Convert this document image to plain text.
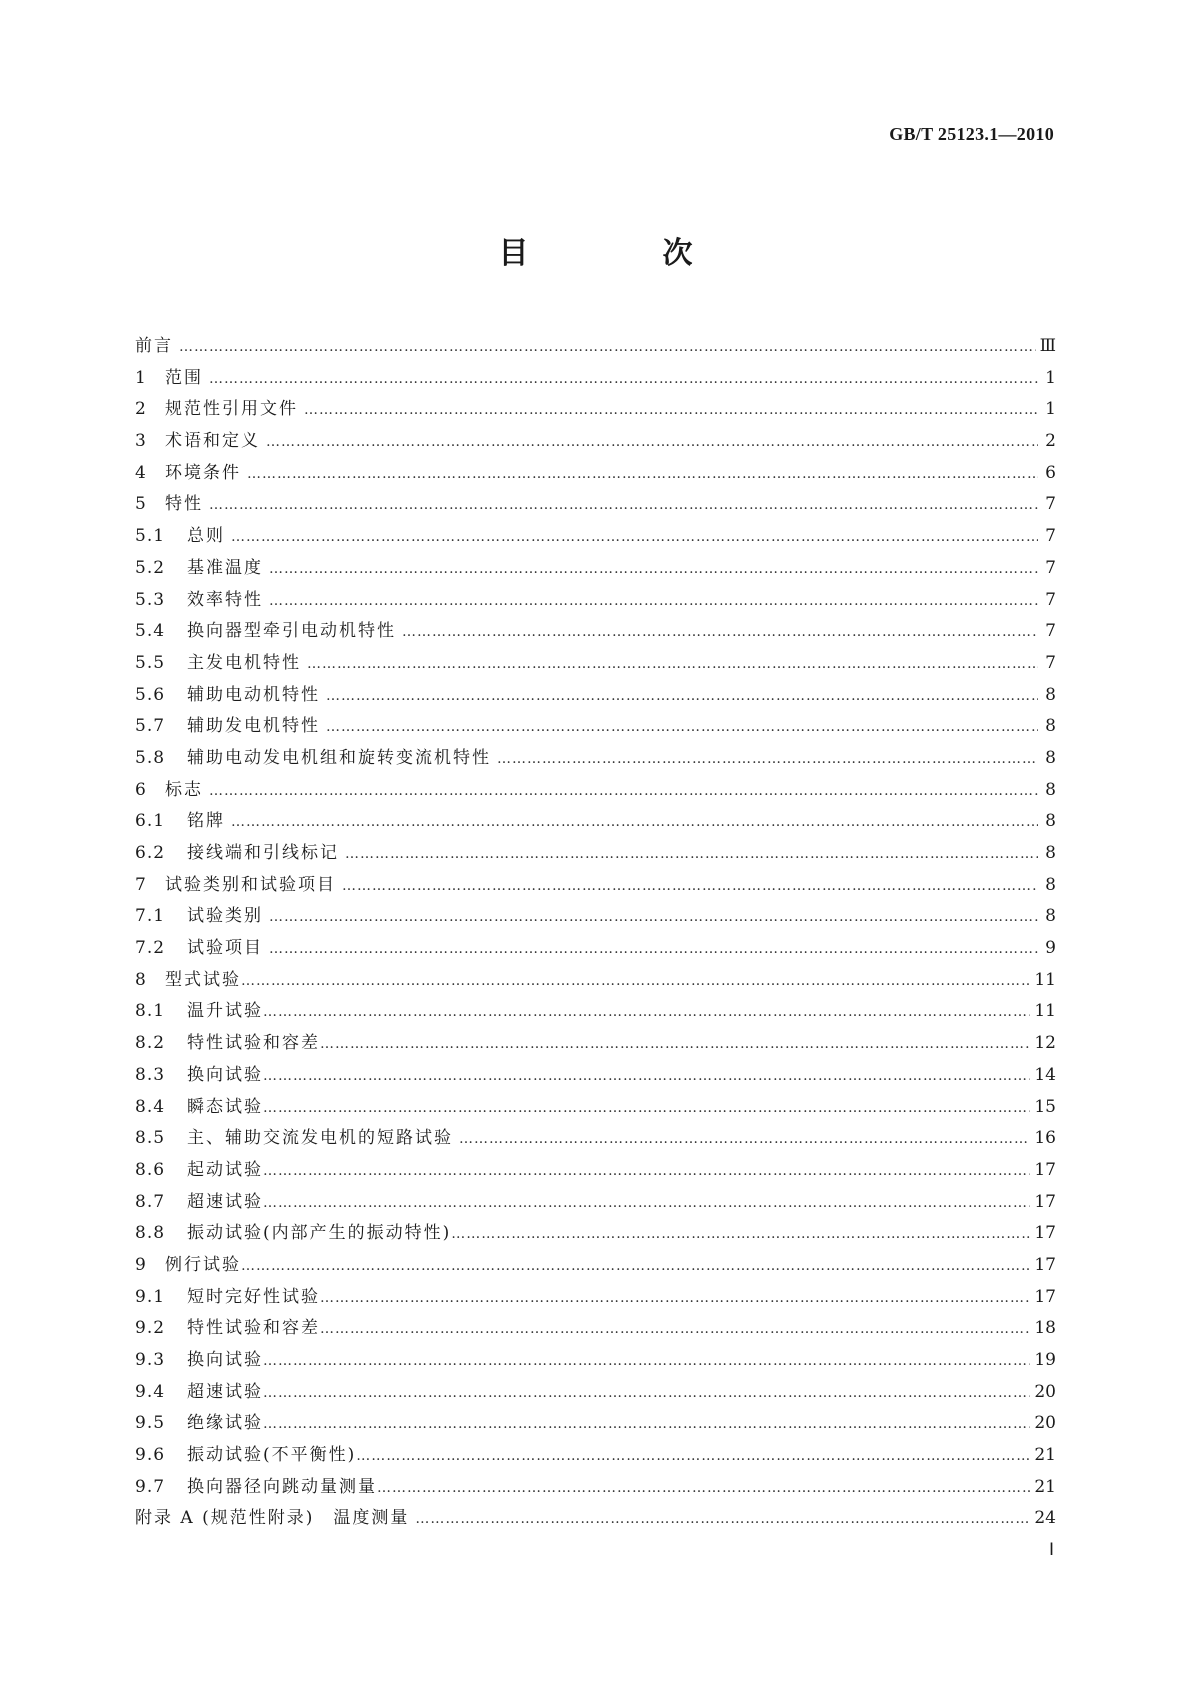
GB/T 25123.1—2010
目　次
前言 …………………………………………………………………………………………………………………………………………………………………………………………………………………………………………	Ⅲ
1	范围 …………………………………………………………………………………………………………………………………………………………………………………………………………………………………………	1
2	规范性引用文件 …………………………………………………………………………………………………………………………………………………………………………………………………………………………………………	1
3	术语和定义 …………………………………………………………………………………………………………………………………………………………………………………………………………………………………………	2
4	环境条件 …………………………………………………………………………………………………………………………………………………………………………………………………………………………………………	6
5	特性 …………………………………………………………………………………………………………………………………………………………………………………………………………………………………………	7
5.1	总则 …………………………………………………………………………………………………………………………………………………………………………………………………………………………………………	7
5.2	基准温度 …………………………………………………………………………………………………………………………………………………………………………………………………………………………………………	7
5.3	效率特性 …………………………………………………………………………………………………………………………………………………………………………………………………………………………………………	7
5.4	换向器型牵引电动机特性 …………………………………………………………………………………………………………………………………………………………………………………………………………………………………………	7
5.5	主发电机特性 …………………………………………………………………………………………………………………………………………………………………………………………………………………………………………	7
5.6	辅助电动机特性 …………………………………………………………………………………………………………………………………………………………………………………………………………………………………………	8
5.7	辅助发电机特性 …………………………………………………………………………………………………………………………………………………………………………………………………………………………………………	8
5.8	辅助电动发电机组和旋转变流机特性 …………………………………………………………………………………………………………………………………………………………………………………………………………………………………………	8
6	标志 …………………………………………………………………………………………………………………………………………………………………………………………………………………………………………	8
6.1	铭牌 …………………………………………………………………………………………………………………………………………………………………………………………………………………………………………	8
6.2	接线端和引线标记 …………………………………………………………………………………………………………………………………………………………………………………………………………………………………………	8
7	试验类别和试验项目 …………………………………………………………………………………………………………………………………………………………………………………………………………………………………………	8
7.1	试验类别 …………………………………………………………………………………………………………………………………………………………………………………………………………………………………………	8
7.2	试验项目 …………………………………………………………………………………………………………………………………………………………………………………………………………………………………………	9
8	型式试验 …………………………………………………………………………………………………………………………………………………………………………………………………………………………………………	11
8.1	温升试验 …………………………………………………………………………………………………………………………………………………………………………………………………………………………………………	11
8.2	特性试验和容差 …………………………………………………………………………………………………………………………………………………………………………………………………………………………………………	12
8.3	换向试验 …………………………………………………………………………………………………………………………………………………………………………………………………………………………………………	14
8.4	瞬态试验 …………………………………………………………………………………………………………………………………………………………………………………………………………………………………………	15
8.5	主、辅助交流发电机的短路试验 …………………………………………………………………………………………………………………………………………………………………………………………………………………………………………	16
8.6	起动试验 …………………………………………………………………………………………………………………………………………………………………………………………………………………………………………	17
8.7	超速试验 …………………………………………………………………………………………………………………………………………………………………………………………………………………………………………	17
8.8	振动试验(内部产生的振动特性) …………………………………………………………………………………………………………………………………………………………………………………………………………………………………………	17
9	例行试验 …………………………………………………………………………………………………………………………………………………………………………………………………………………………………………	17
9.1	短时完好性试验 …………………………………………………………………………………………………………………………………………………………………………………………………………………………………………	17
9.2	特性试验和容差 …………………………………………………………………………………………………………………………………………………………………………………………………………………………………………	18
9.3	换向试验 …………………………………………………………………………………………………………………………………………………………………………………………………………………………………………	19
9.4	超速试验 …………………………………………………………………………………………………………………………………………………………………………………………………………………………………………	20
9.5	绝缘试验 …………………………………………………………………………………………………………………………………………………………………………………………………………………………………………	20
9.6	振动试验(不平衡性) …………………………………………………………………………………………………………………………………………………………………………………………………………………………………………	21
9.7	换向器径向跳动量测量 …………………………………………………………………………………………………………………………………………………………………………………………………………………………………………	21
附录 A (规范性附录)　温度测量 …………………………………………………………………………………………………………………………………………………………………………………………………………………………………………	24
Ⅰ
